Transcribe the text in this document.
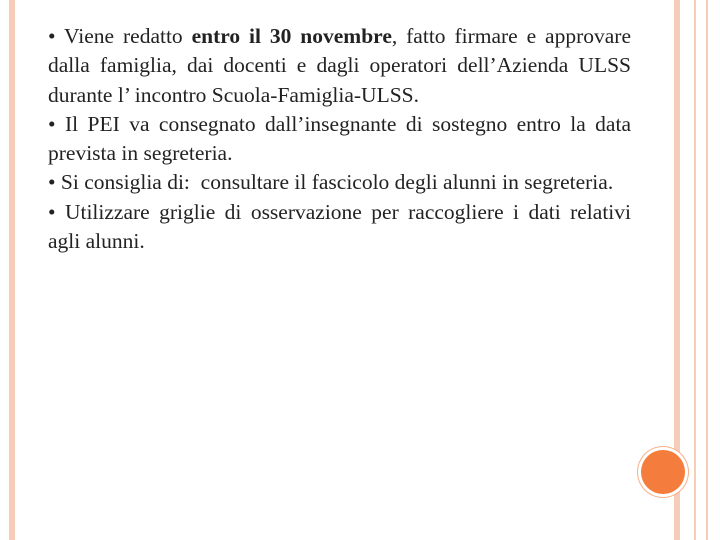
• Viene redatto entro il 30 novembre, fatto firmare e approvare dalla famiglia, dai docenti e dagli operatori dell’Azienda ULSS durante l’ incontro Scuola-Famiglia-ULSS.

• Il PEI va consegnato dall’insegnante di sostegno entro la data prevista in segreteria.

• Si consiglia di:  consultare il fascicolo degli alunni in segreteria.

• Utilizzare griglie di osservazione per raccogliere i dati relativi agli alunni.
